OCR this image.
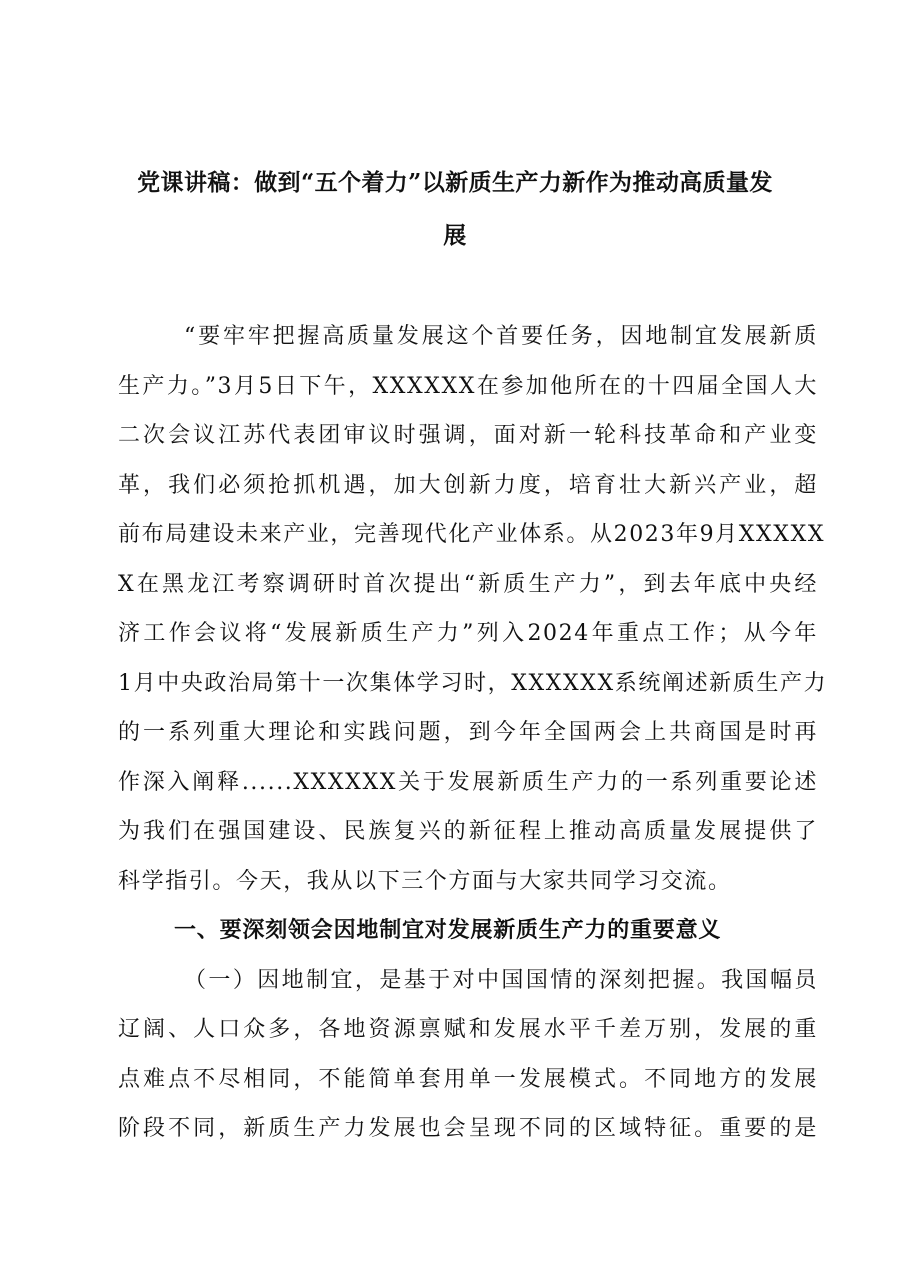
党课讲稿：做到“五个着力”以新质生产力新作为推动高质量发
展

“要牢牢把握高质量发展这个首要任务，因地制宜发展新质
生产力。”3月5日下午，XXXXXX在参加他所在的十四届全国人大
二次会议江苏代表团审议时强调，面对新一轮科技革命和产业变
革，我们必须抢抓机遇，加大创新力度，培育壮大新兴产业，超
前布局建设未来产业，完善现代化产业体系。从2023年9月XXXXX
X在黑龙江考察调研时首次提出“新质生产力”，到去年底中央经
济工作会议将“发展新质生产力”列入2024年重点工作；从今年
1月中央政治局第十一次集体学习时，XXXXXX系统阐述新质生产力
的一系列重大理论和实践问题，到今年全国两会上共商国是时再
作深入阐释......XXXXXX关于发展新质生产力的一系列重要论述
为我们在强国建设、民族复兴的新征程上推动高质量发展提供了
科学指引。今天，我从以下三个方面与大家共同学习交流。

一、要深刻领会因地制宜对发展新质生产力的重要意义

（一）因地制宜，是基于对中国国情的深刻把握。我国幅员
辽阔、人口众多，各地资源禀赋和发展水平千差万别，发展的重
点难点不尽相同，不能简单套用单一发展模式。不同地方的发展
阶段不同，新质生产力发展也会呈现不同的区域特征。重要的是
